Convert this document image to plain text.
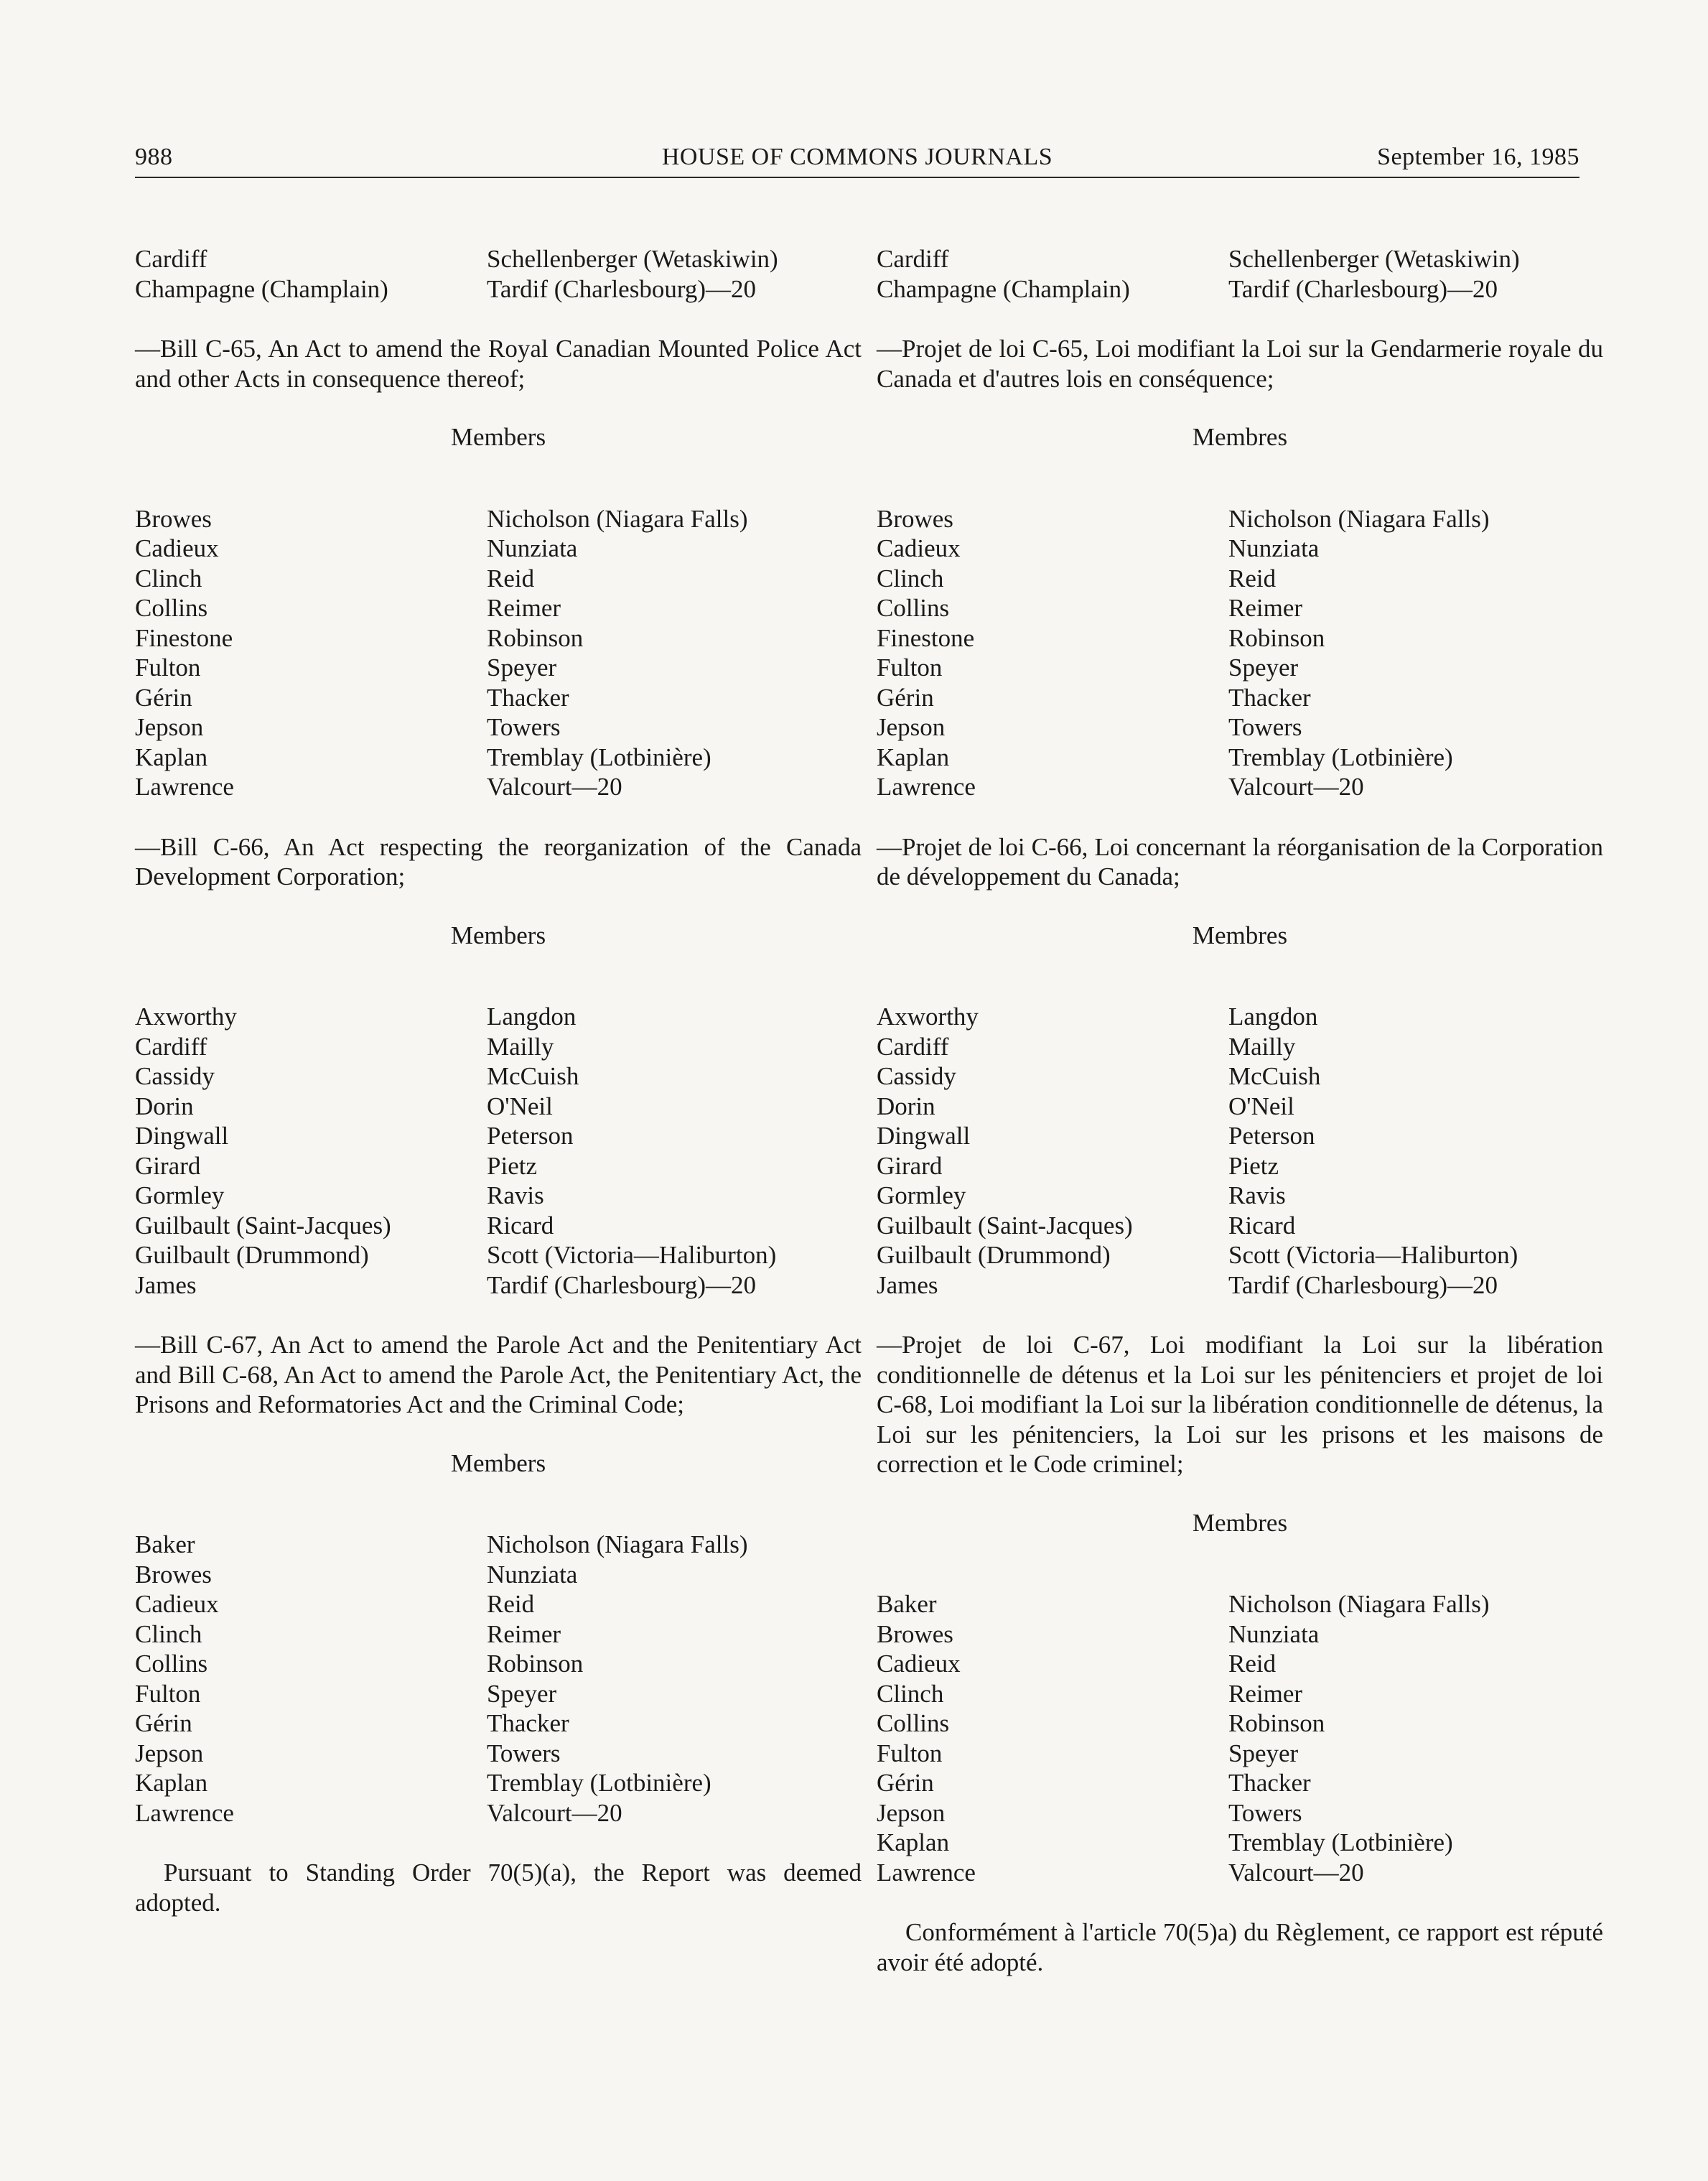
988	HOUSE OF COMMONS JOURNALS	September 16, 1985
Cardiff
Champagne (Champlain)
Schellenberger (Wetaskiwin)
Tardif (Charlesbourg)—20
—Bill C-65, An Act to amend the Royal Canadian Mounted Police Act and other Acts in consequence thereof;
Members
Browes
Cadieux
Clinch
Collins
Finestone
Fulton
Gérin
Jepson
Kaplan
Lawrence
Nicholson (Niagara Falls)
Nunziata
Reid
Reimer
Robinson
Speyer
Thacker
Towers
Tremblay (Lotbinière)
Valcourt—20
—Bill C-66, An Act respecting the reorganization of the Canada Development Corporation;
Members
Axworthy
Cardiff
Cassidy
Dorin
Dingwall
Girard
Gormley
Guilbault (Saint-Jacques)
Guilbault (Drummond)
James
Langdon
Mailly
McCuish
O'Neil
Peterson
Pietz
Ravis
Ricard
Scott (Victoria—Haliburton)
Tardif (Charlesbourg)—20
—Bill C-67, An Act to amend the Parole Act and the Penitentiary Act and Bill C-68, An Act to amend the Parole Act, the Penitentiary Act, the Prisons and Reformatories Act and the Criminal Code;
Members
Baker
Browes
Cadieux
Clinch
Collins
Fulton
Gérin
Jepson
Kaplan
Lawrence
Nicholson (Niagara Falls)
Nunziata
Reid
Reimer
Robinson
Speyer
Thacker
Towers
Tremblay (Lotbinière)
Valcourt—20
Pursuant to Standing Order 70(5)(a), the Report was deemed adopted.
Cardiff
Champagne (Champlain)
Schellenberger (Wetaskiwin)
Tardif (Charlesbourg)—20
—Projet de loi C-65, Loi modifiant la Loi sur la Gendarmerie royale du Canada et d'autres lois en conséquence;
Membres
Browes
Cadieux
Clinch
Collins
Finestone
Fulton
Gérin
Jepson
Kaplan
Lawrence
Nicholson (Niagara Falls)
Nunziata
Reid
Reimer
Robinson
Speyer
Thacker
Towers
Tremblay (Lotbinière)
Valcourt—20
—Projet de loi C-66, Loi concernant la réorganisation de la Corporation de développement du Canada;
Membres
Axworthy
Cardiff
Cassidy
Dorin
Dingwall
Girard
Gormley
Guilbault (Saint-Jacques)
Guilbault (Drummond)
James
Langdon
Mailly
McCuish
O'Neil
Peterson
Pietz
Ravis
Ricard
Scott (Victoria—Haliburton)
Tardif (Charlesbourg)—20
—Projet de loi C-67, Loi modifiant la Loi sur la libération conditionnelle de détenus et la Loi sur les pénitenciers et projet de loi C-68, Loi modifiant la Loi sur la libération conditionnelle de détenus, la Loi sur les pénitenciers, la Loi sur les prisons et les maisons de correction et le Code criminel;
Membres
Baker
Browes
Cadieux
Clinch
Collins
Fulton
Gérin
Jepson
Kaplan
Lawrence
Nicholson (Niagara Falls)
Nunziata
Reid
Reimer
Robinson
Speyer
Thacker
Towers
Tremblay (Lotbinière)
Valcourt—20
Conformément à l'article 70(5)a) du Règlement, ce rapport est réputé avoir été adopté.
